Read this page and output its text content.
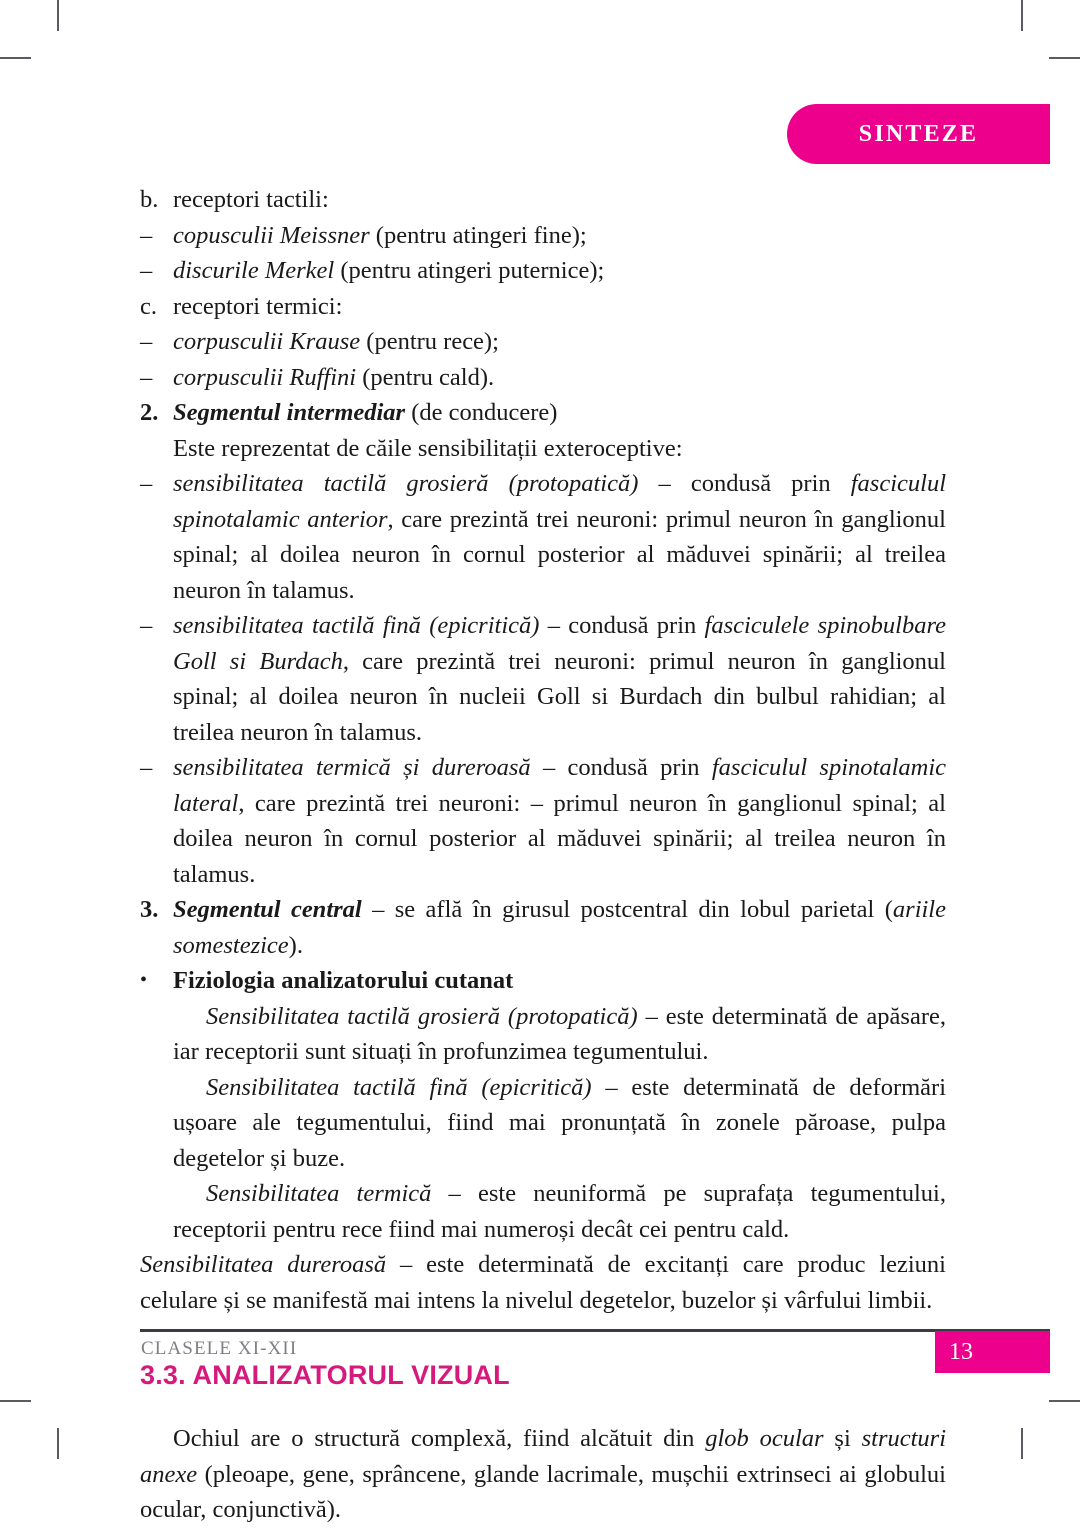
SINTEZE
b. receptori tactili:
– copusculii Meissner (pentru atingeri fine);
– discurile Merkel (pentru atingeri puternice);
c. receptori termici:
– corpusculii Krause (pentru rece);
– corpusculii Ruffini (pentru cald).
2. Segmentul intermediar (de conducere)
Este reprezentat de căile sensibilitații exteroceptive:
– sensibilitatea tactilă grosieră (protopatică) – condusă prin fasciculul spinotalamic anterior, care prezintă trei neuroni: primul neuron în ganglionul spinal; al doilea neuron în cornul posterior al măduvei spinării; al treilea neuron în talamus.
– sensibilitatea tactilă fină (epicritică) – condusă prin fasciculele spinobulbare Goll si Burdach, care prezintă trei neuroni: primul neuron în ganglionul spinal; al doilea neuron în nucleii Goll si Burdach din bulbul rahidian; al treilea neuron în talamus.
– sensibilitatea termică și dureroasă – condusă prin fasciculul spinotalamic lateral, care prezintă trei neuroni: – primul neuron în ganglionul spinal; al doilea neuron în cornul posterior al măduvei spinării; al treilea neuron în talamus.
3. Segmentul central – se află în girusul postcentral din lobul parietal (ariile somestezice).
•	Fiziologia analizatorului cutanat
Sensibilitatea tactilă grosieră (protopatică) – este determinată de apăsare, iar receptorii sunt situați în profunzimea tegumentului.
Sensibilitatea tactilă fină (epicritică) – este determinată de deformări ușoare ale tegumentului, fiind mai pronunțată în zonele păroase, pulpa degetelor și buze.
Sensibilitatea termică – este neuniformă pe suprafața tegumentului, receptorii pentru rece fiind mai numeroși decât cei pentru cald.
Sensibilitatea dureroasă – este determinată de excitanți care produc leziuni celulare și se manifestă mai intens la nivelul degetelor, buzelor și vârfului limbii.
3.3. ANALIZATORUL VIZUAL
Ochiul are o structură complexă, fiind alcătuit din glob ocular și structuri anexe (pleoape, gene, sprâncene, glande lacrimale, mușchii extrinseci ai globului ocular, conjunctivă).
CLASELE XI-XII	13
